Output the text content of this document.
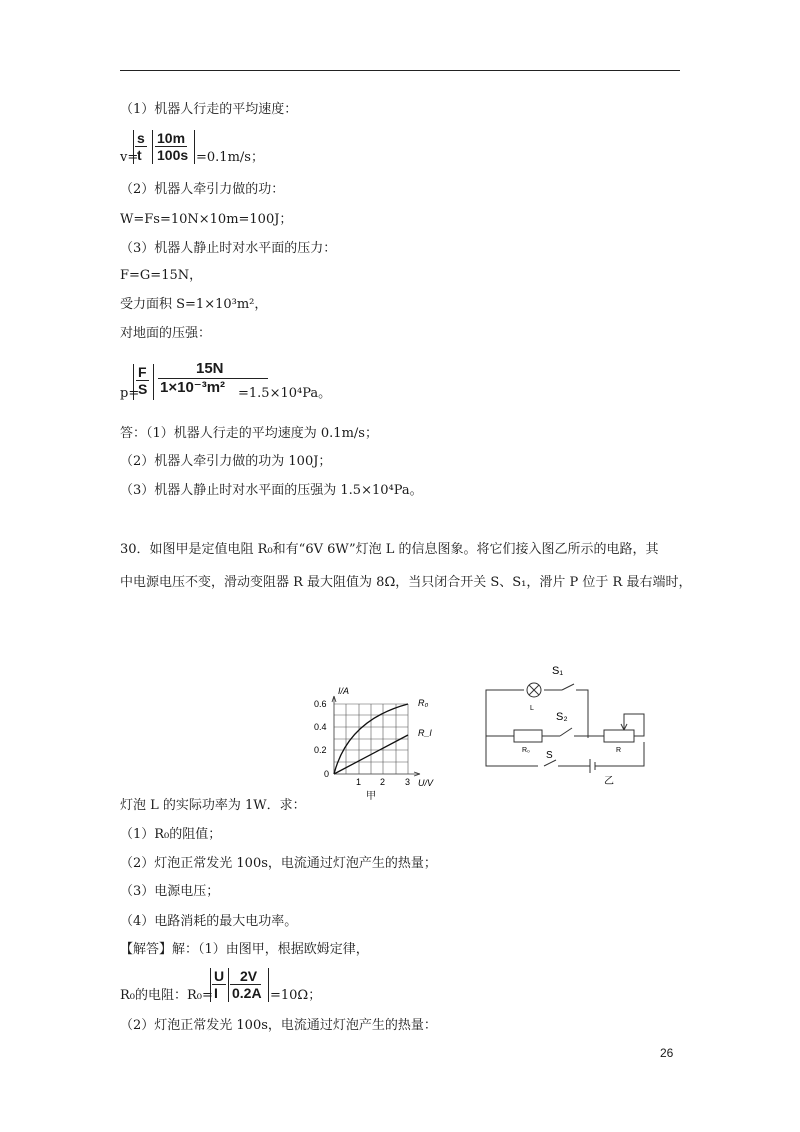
（1）机器人行走的平均速度：
$\frac{s}{t} \frac{10m}{100s}$
v=	=0.1m/s；
（2）机器人牵引力做的功：
W=Fs=10N×10m=100J；
（3）机器人静止时对水平面的压力：
F=G=15N，
受力面积 S=1×10³m²，
对地面的压强：
$\frac{F}{S} \frac{15N}{\text{1×10⁻³m²}}$
p=	=1.5×10⁴Pa。
答：（1）机器人行走的平均速度为 0.1m/s；
（2）机器人牵引力做的功为 100J；
（3）机器人静止时对水平面的压强为 1.5×10⁴Pa。
30．如图甲是定值电阻 R₀和有“6V 6W”灯泡 L 的信息图象。将它们接入图乙所示的电路，其
中电源电压不变，滑动变阻器 R 最大阻值为 8Ω，当只闭合开关 S、S₁，滑片 P 位于 R 最右端时，
I/A
U/V
0.6
0.4
0.2
0
1 2 3
R₀
R_l
甲
S₁
S₂
L
R₀	R
S
乙
灯泡 L 的实际功率为 1W．求：
（1）R₀的阻值；
（2）灯泡正常发光 100s，电流通过灯泡产生的热量；
（3）电源电压；
（4）电路消耗的最大电功率。
【解答】解：（1）由图甲，根据欧姆定律，
$\frac{U}{I} \frac{2V}{0.2A}$
R₀的电阻：R₀=	=10Ω；
（2）灯泡正常发光 100s，电流通过灯泡产生的热量：
26
